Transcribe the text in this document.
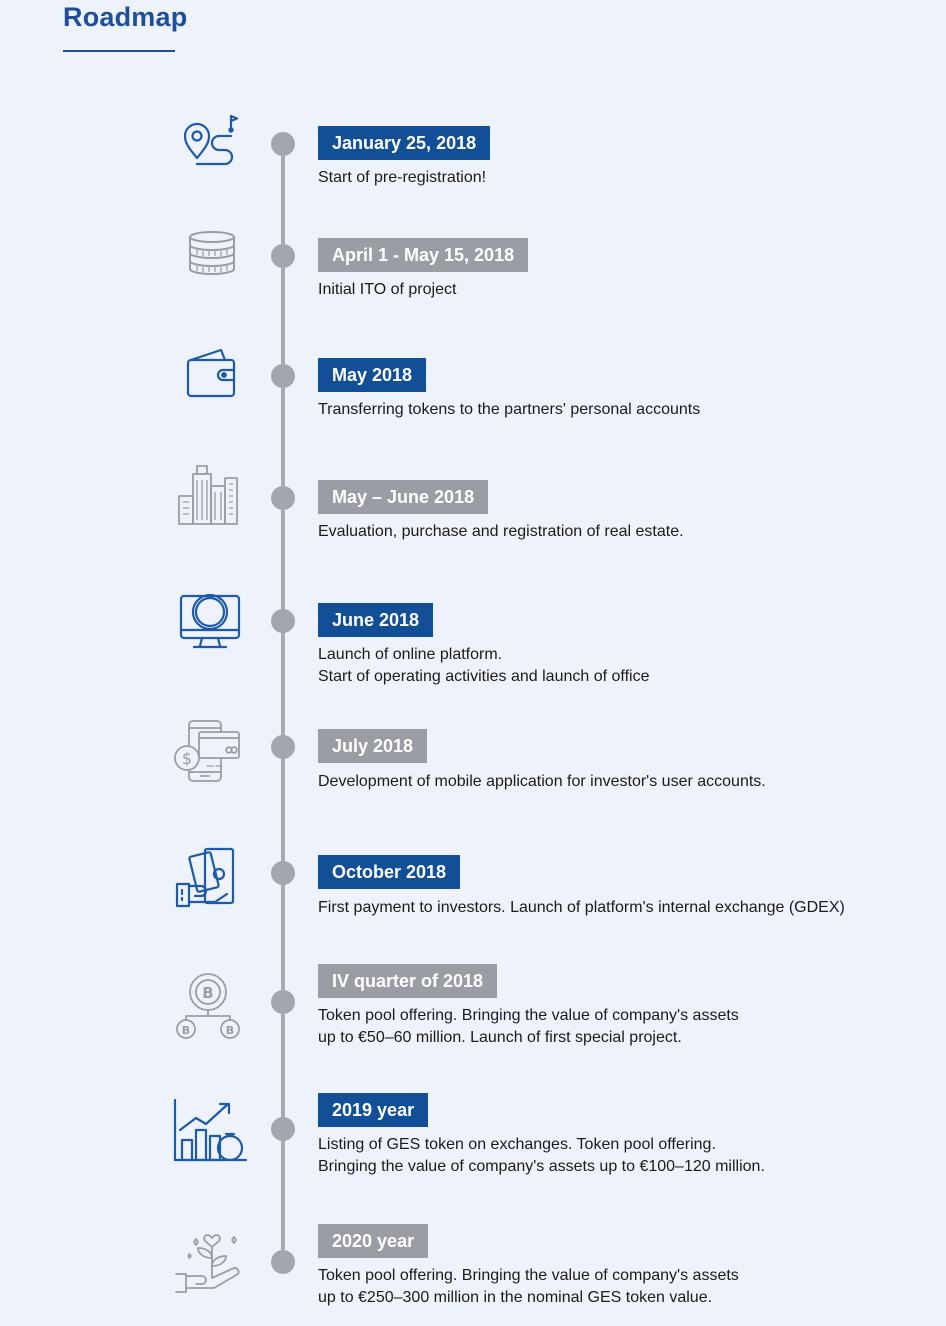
Roadmap
January 25, 2018
Start of pre-registration!
April 1 - May 15, 2018
Initial ITO of project
May 2018
Transferring tokens to the partners' personal accounts
May – June 2018
Evaluation, purchase and registration of real estate.
June 2018
Launch of online platform.
Start of operating activities and launch of office
$
July 2018
Development of mobile application for investor's user accounts.
October 2018
First payment to investors. Launch of platform's internal exchange (GDEX)
B
B	B
IV quarter of 2018
Token pool offering. Bringing the value of company's assets
up to €50–60 million. Launch of first special project.
2019 year
Listing of GES token on exchanges. Token pool offering.
Bringing the value of company's assets up to €100–120 million.
2020 year
Token pool offering. Bringing the value of company's assets
up to €250–300 million in the nominal GES token value.
